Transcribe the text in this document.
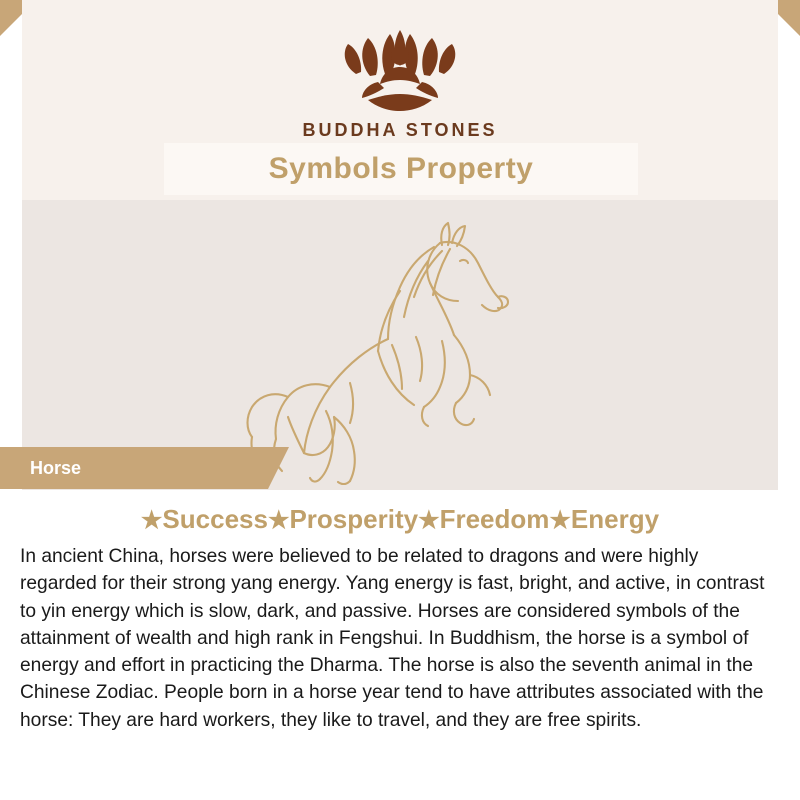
BUDDHA STONES
Symbols Property
Horse
★Success★Prosperity★Freedom★Energy

In ancient China, horses were believed to be related to dragons and were highly regarded for their strong yang energy. Yang energy is fast, bright, and active, in contrast to yin energy which is slow, dark, and passive. Horses are considered symbols of the attainment of wealth and high rank in Fengshui. In Buddhism, the horse is a symbol of energy and effort in practicing the Dharma. The horse is also the seventh animal in the Chinese Zodiac. People born in a horse year tend to have attributes associated with the horse: They are hard workers, they like to travel, and they are free spirits.
